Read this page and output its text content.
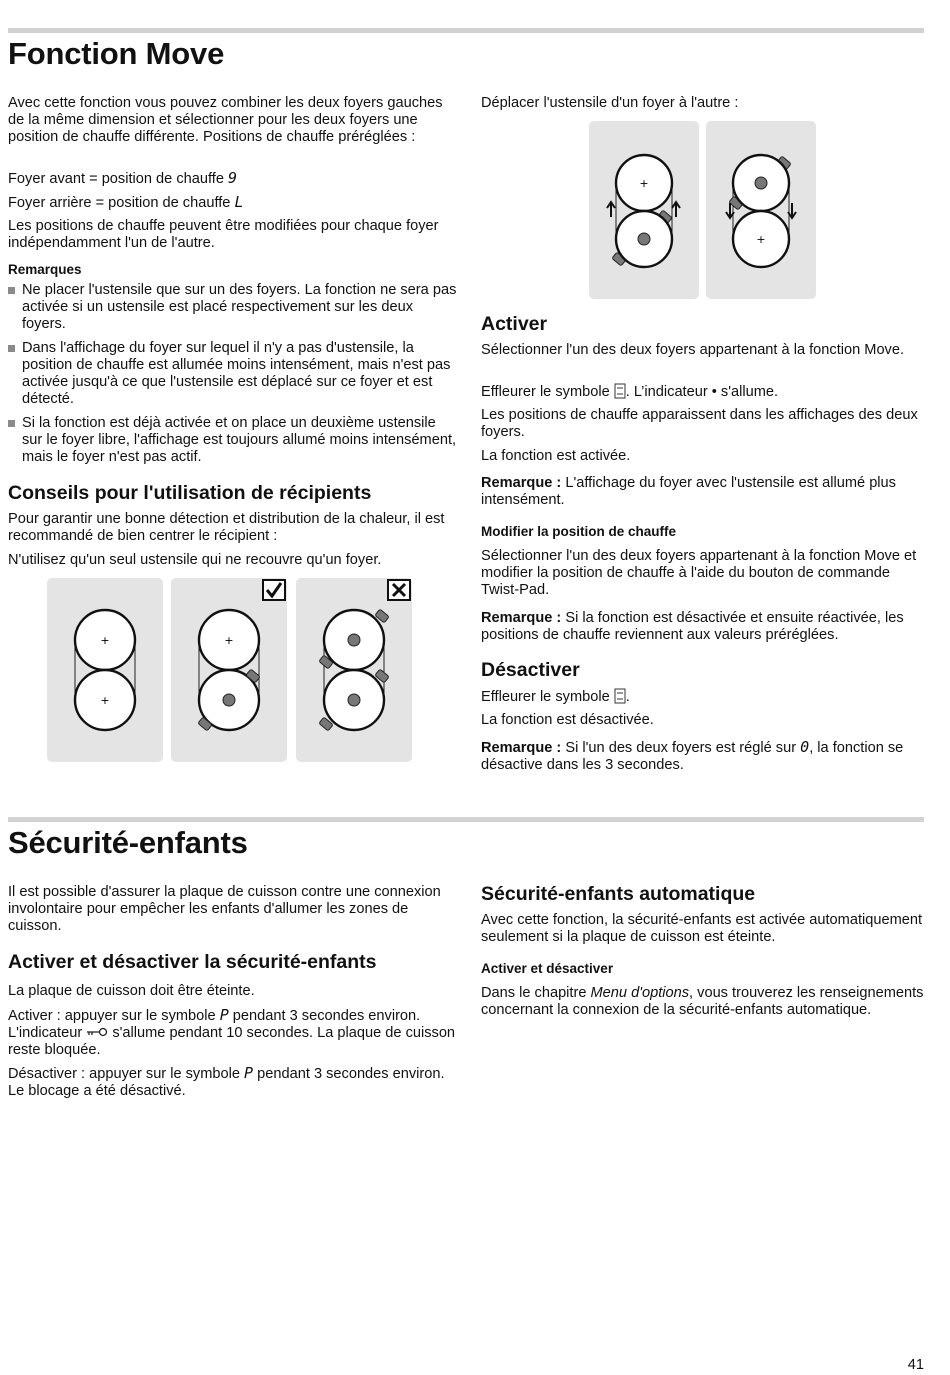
Fonction Move

Avec cette fonction vous pouvez combiner les deux foyers gauches de la même dimension et sélectionner pour les deux foyers une position de chauffe différente. Positions de chauffe préréglées :

Foyer avant = position de chauffe 9

Foyer arrière = position de chauffe L

Les positions de chauffe peuvent être modifiées pour chaque foyer indépendamment l'un de l'autre.

Remarques
Ne placer l'ustensile que sur un des foyers. La fonction ne sera pas activée si un ustensile est placé respectivement sur les deux foyers.
Dans l'affichage du foyer sur lequel il n'y a pas d'ustensile, la position de chauffe est allumée moins intensément, mais n'est pas activée jusqu'à ce que l'ustensile est déplacé sur ce foyer et est détecté.
Si la fonction est déjà activée et on place un deuxième ustensile sur le foyer libre, l'affichage est toujours allumé moins intensément, mais le foyer n'est pas actif.
Conseils pour l'utilisation de récipients

Pour garantir une bonne détection et distribution de la chaleur, il est recommandé de bien centrer le récipient :

N'utilisez qu'un seul ustensile qui ne recouvre qu'un foyer.

+
+
+

Déplacer l'ustensile d'un foyer à l'autre :

+
+
Activer

Sélectionner l'un des deux foyers appartenant à la fonction Move.

Effleurer le symbole . L’indicateur • s'allume.

Les positions de chauffe apparaissent dans les affichages des deux foyers.

La fonction est activée.

Remarque : L'affichage du foyer avec l'ustensile est allumé plus intensément.

Modifier la position de chauffe

Sélectionner l'un des deux foyers appartenant à la fonction Move et modifier la position de chauffe à l'aide du bouton de commande Twist-Pad.

Remarque : Si la fonction est désactivée et ensuite réactivée, les positions de chauffe reviennent aux valeurs préréglées.

Désactiver

Effleurer le symbole .

La fonction est désactivée.

Remarque : Si l'un des deux foyers est réglé sur 0, la fonction se désactive dans les 3 secondes.

Sécurité-enfants

Il est possible d'assurer la plaque de cuisson contre une connexion involontaire pour empêcher les enfants d'allumer les zones de cuisson.

Activer et désactiver la sécurité-enfants

La plaque de cuisson doit être éteinte.

Activer : appuyer sur le symbole P pendant 3 secondes environ. L'indicateur s'allume pendant 10 secondes. La plaque de cuisson reste bloquée.

Désactiver : appuyer sur le symbole P pendant 3 secondes environ. Le blocage a été désactivé.

Sécurité-enfants automatique

Avec cette fonction, la sécurité-enfants est activée automatiquement seulement si la plaque de cuisson est éteinte.

Activer et désactiver

Dans le chapitre Menu d'options, vous trouverez les renseignements concernant la connexion de la sécurité-enfants automatique.

41
